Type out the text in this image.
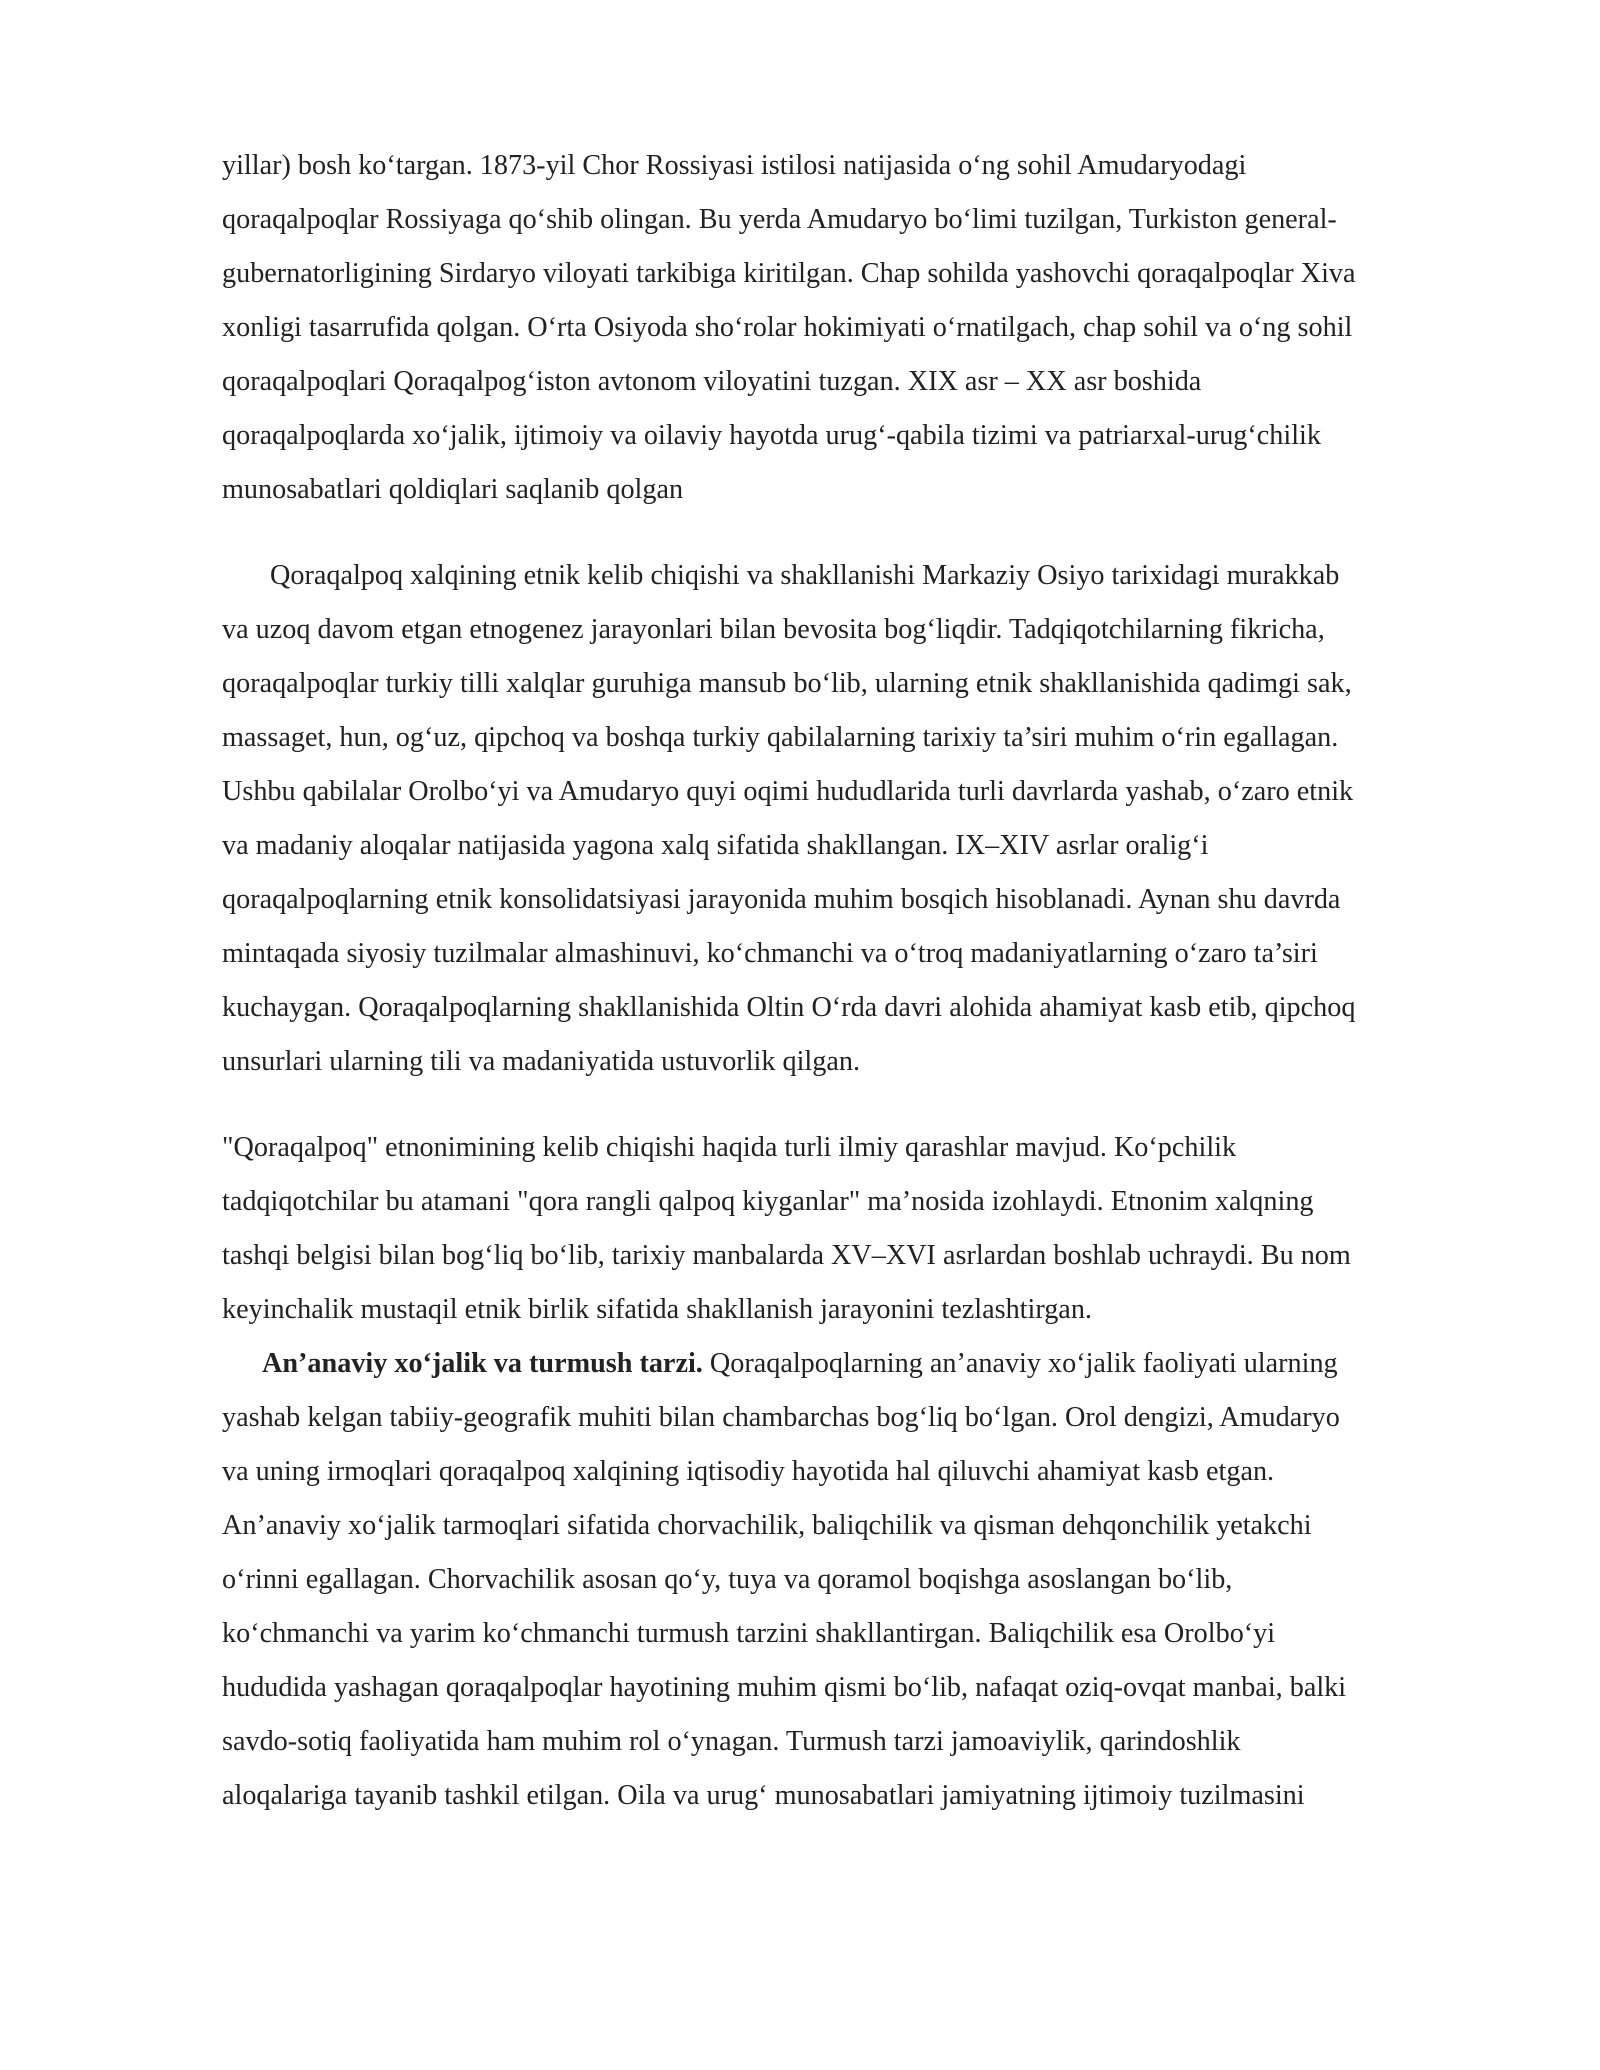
yillar) bosh ko‘targan. 1873-yil Chor Rossiyasi istilosi natijasida o‘ng sohil Amudaryodagi
qoraqalpoqlar Rossiyaga qo‘shib olingan. Bu yerda Amudaryo bo‘limi tuzilgan, Turkiston general-
gubernatorligining Sirdaryo viloyati tarkibiga kiritilgan. Chap sohilda yashovchi qoraqalpoqlar Xiva
xonligi tasarrufida qolgan. O‘rta Osiyoda sho‘rolar hokimiyati o‘rnatilgach, chap sohil va o‘ng sohil
qoraqalpoqlari Qoraqalpog‘iston avtonom viloyatini tuzgan. XIX asr – XX asr boshida
qoraqalpoqlarda xo‘jalik, ijtimoiy va oilaviy hayotda urug‘-qabila tizimi va patriarxal-urug‘chilik
munosabatlari qoldiqlari saqlanib qolgan
Qoraqalpoq xalqining etnik kelib chiqishi va shakllanishi Markaziy Osiyo tarixidagi murakkab
va uzoq davom etgan etnogenez jarayonlari bilan bevosita bog‘liqdir. Tadqiqotchilarning fikricha,
qoraqalpoqlar turkiy tilli xalqlar guruhiga mansub bo‘lib, ularning etnik shakllanishida qadimgi sak,
massaget, hun, og‘uz, qipchoq va boshqa turkiy qabilalarning tarixiy ta’siri muhim o‘rin egallagan.
Ushbu qabilalar Orolbo‘yi va Amudaryo quyi oqimi hududlarida turli davrlarda yashab, o‘zaro etnik
va madaniy aloqalar natijasida yagona xalq sifatida shakllangan. IX–XIV asrlar oralig‘i
qoraqalpoqlarning etnik konsolidatsiyasi jarayonida muhim bosqich hisoblanadi. Aynan shu davrda
mintaqada siyosiy tuzilmalar almashinuvi, ko‘chmanchi va o‘troq madaniyatlarning o‘zaro ta’siri
kuchaygan. Qoraqalpoqlarning shakllanishida Oltin O‘rda davri alohida ahamiyat kasb etib, qipchoq
unsurlari ularning tili va madaniyatida ustuvorlik qilgan.
"Qoraqalpoq" etnonimining kelib chiqishi haqida turli ilmiy qarashlar mavjud. Ko‘pchilik
tadqiqotchilar bu atamani "qora rangli qalpoq kiyganlar" ma’nosida izohlaydi. Etnonim xalqning
tashqi belgisi bilan bog‘liq bo‘lib, tarixiy manbalarda XV–XVI asrlardan boshlab uchraydi. Bu nom
keyinchalik mustaqil etnik birlik sifatida shakllanish jarayonini tezlashtirgan.
An’anaviy xo‘jalik va turmush tarzi. Qoraqalpoqlarning an’anaviy xo‘jalik faoliyati ularning
yashab kelgan tabiiy-geografik muhiti bilan chambarchas bog‘liq bo‘lgan. Orol dengizi, Amudaryo
va uning irmoqlari qoraqalpoq xalqining iqtisodiy hayotida hal qiluvchi ahamiyat kasb etgan.
An’anaviy xo‘jalik tarmoqlari sifatida chorvachilik, baliqchilik va qisman dehqonchilik yetakchi
o‘rinni egallagan. Chorvachilik asosan qo‘y, tuya va qoramol boqishga asoslangan bo‘lib,
ko‘chmanchi va yarim ko‘chmanchi turmush tarzini shakllantirgan. Baliqchilik esa Orolbo‘yi
hududida yashagan qoraqalpoqlar hayotining muhim qismi bo‘lib, nafaqat oziq-ovqat manbai, balki
savdo-sotiq faoliyatida ham muhim rol o‘ynagan. Turmush tarzi jamoaviylik, qarindoshlik
aloqalariga tayanib tashkil etilgan. Oila va urug‘ munosabatlari jamiyatning ijtimoiy tuzilmasini
